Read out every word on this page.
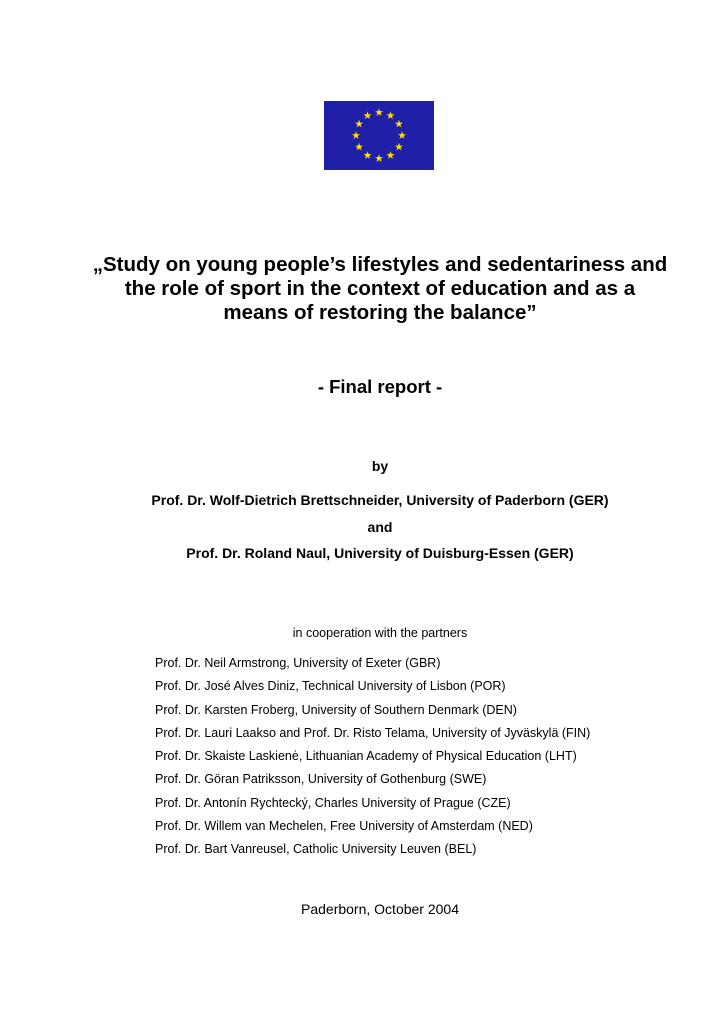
„Study on young people’s lifestyles and sedentariness and the role of sport in the context of education and as a means of restoring the balance”
- Final report -
by
Prof. Dr. Wolf-Dietrich Brettschneider, University of Paderborn (GER)
and
Prof. Dr. Roland Naul, University of Duisburg-Essen (GER)
in cooperation with the partners
Prof. Dr. Neil Armstrong, University of Exeter (GBR)
Prof. Dr. José Alves Diniz, Technical University of Lisbon (POR)
Prof. Dr. Karsten Froberg, University of Southern Denmark (DEN)
Prof. Dr. Lauri Laakso and Prof. Dr. Risto Telama, University of Jyväskylä (FIN)
Prof. Dr. Skaiste Laskienė, Lithuanian Academy of Physical Education (LHT)
Prof. Dr. Göran Patriksson, University of Gothenburg (SWE)
Prof. Dr. Antonín Rychtecký, Charles University of Prague (CZE)
Prof. Dr. Willem van Mechelen, Free University of Amsterdam (NED)
Prof. Dr. Bart Vanreusel, Catholic University Leuven (BEL)
Paderborn, October 2004
